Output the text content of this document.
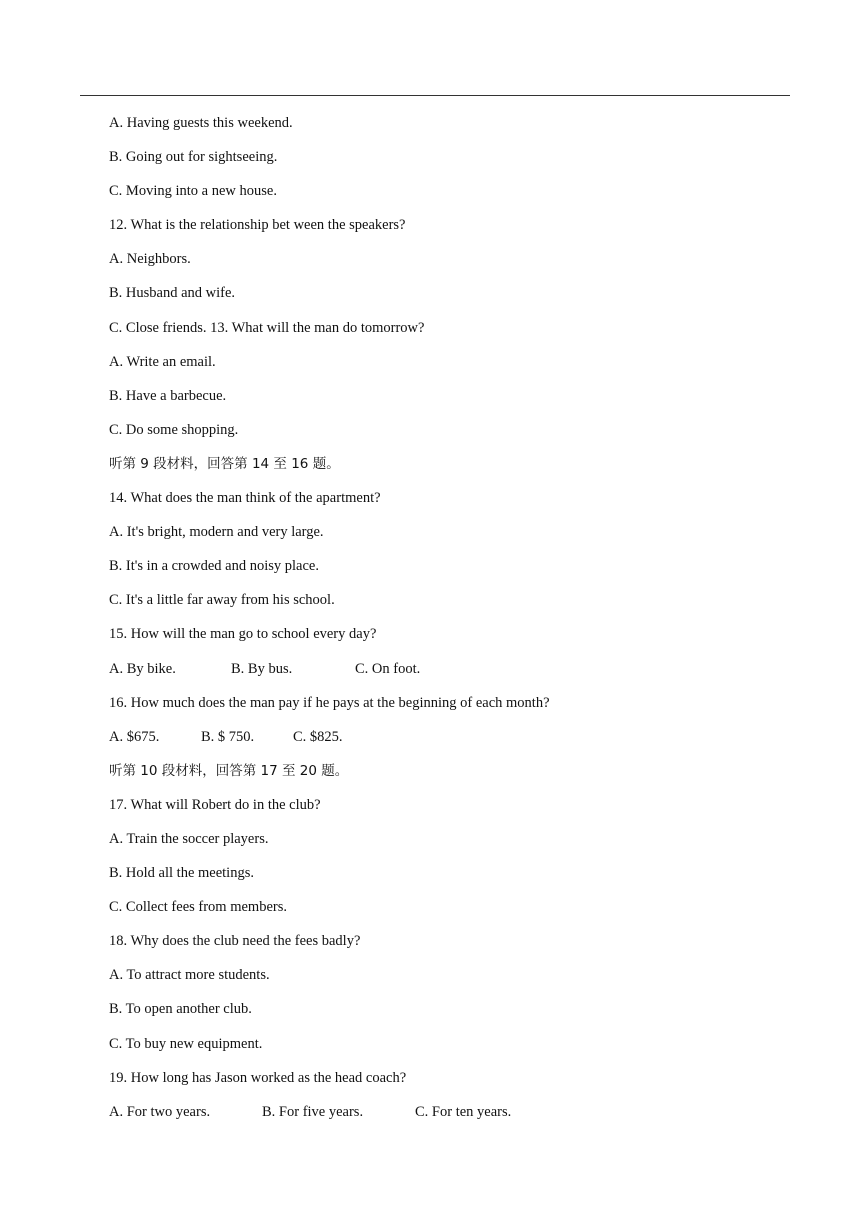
A. Having guests this weekend.
B. Going out for sightseeing.
C. Moving into a new house.
12. What is the relationship bet ween the speakers?
A. Neighbors.
B. Husband and wife.
C. Close friends. 13. What will the man do tomorrow?
A. Write an email.
B. Have a barbecue.
C. Do some shopping.
听第 9 段材料，回答第 14 至 16 题。
14. What does the man think of the apartment?
A. It's bright, modern and very large.
B. It's in a crowded and noisy place.
C. It's a little far away from his school.
15. How will the man go to school every day?
A. By bike.	B. By bus.	C. On foot.
16. How much does the man pay if he pays at the beginning of each month?
A. $675.	B. $ 750.	C. $825.
听第 10 段材料，回答第 17 至 20 题。
17. What will Robert do in the club?
A. Train the soccer players.
B. Hold all the meetings.
C. Collect fees from members.
18. Why does the club need the fees badly?
A. To attract more students.
B. To open another club.
C. To buy new equipment.
19. How long has Jason worked as the head coach?
A. For two years.	B. For five years.	C. For ten years.
